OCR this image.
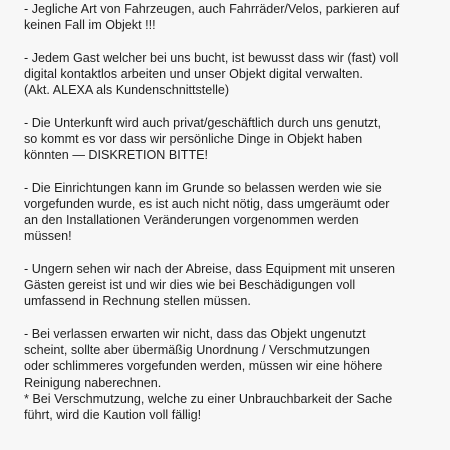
- Jegliche Art von Fahrzeugen, auch Fahrräder/Velos, parkieren auf
keinen Fall im Objekt !!!

- Jedem Gast welcher bei uns bucht, ist bewusst dass wir (fast) voll
digital kontaktlos arbeiten und unser Objekt digital verwalten.
(Akt. ALEXA als Kundenschnittstelle)

- Die Unterkunft wird auch privat/geschäftlich durch uns genutzt,
so kommt es vor dass wir persönliche Dinge in Objekt haben
könnten — DISKRETION BITTE!

- Die Einrichtungen kann im Grunde so belassen werden wie sie
vorgefunden wurde, es ist auch nicht nötig, dass umgeräumt oder
an den Installationen Veränderungen vorgenommen werden
müssen!

- Ungern sehen wir nach der Abreise, dass Equipment mit unseren
Gästen gereist ist und wir dies wie bei Beschädigungen voll
umfassend in Rechnung stellen müssen.

- Bei verlassen erwarten wir nicht, dass das Objekt ungenutzt
scheint, sollte aber übermäßig Unordnung / Verschmutzungen
oder schlimmeres vorgefunden werden, müssen wir eine höhere
Reinigung naberechnen.
* Bei Verschmutzung, welche zu einer Unbrauchbarkeit der Sache
führt, wird die Kaution voll fällig!
